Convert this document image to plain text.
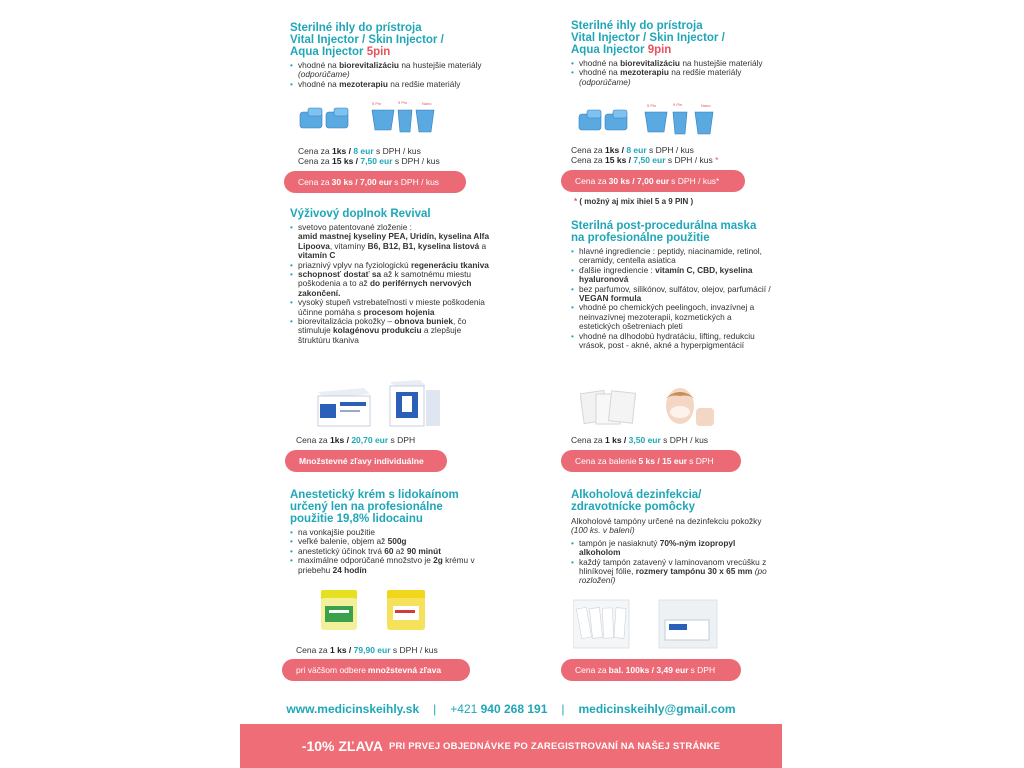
Sterilné ihly do prístroja
Vital Injector / Skin Injector /
Aqua Injector 5pin
• vhodné na biorevitalizáciu na hustejšie materiály (odporúčame)
• vhodné na mezoterapiu na redšie materiály
5 Pin	9 Pin	Nano
Cena za 1ks / 8 eur s DPH / kus
Cena za 15 ks / 7,50 eur s DPH / kus
Cena za 30 ks / 7,00 eur s DPH / kus
Sterilné ihly do prístroja
Vital Injector / Skin Injector /
Aqua Injector 9pin
• vhodné na biorevitalizáciu na hustejšie materiály
• vhodné na mezoterapiu na redšie materiály (odporúčame)
5 Pin	9 Pin	Nano
Cena za 1ks / 8 eur s DPH / kus
Cena za 15 ks / 7,50 eur s DPH / kus *
Cena za 30 ks / 7,00 eur s DPH / kus *
* ( možný aj mix ihiel 5 a 9 PIN )
Výživový doplnok Revival
• svetovo patentované zloženie :
amid mastnej kyseliny PEA, Uridín, kyselina Alfa Lipoova, vitamíny B6, B12, B1, kyselina listová a vitamín C
• priaznivý vplyv na fyziologickú regeneráciu tkaniva
• schopnosť dostať sa až k samotnému miestu poškodenia a to až do periférnych nervových zakončení.
• vysoký stupeň vstrebateľnosti v mieste poškodenia účinne pomáha s procesom hojenia
• biorevitalizácia pokožky – obnova buniek, čo stimuluje kolagénovu produkciu a zlepšuje štruktúru tkaniva
Cena za 1ks / 20,70 eur s DPH
Množstevné zľavy individuálne
Sterilná post-procedurálna maska
na profesionálne použitie
• hlavné ingrediencie : peptidy, niacinamide, retinol, ceramidy, centella asiatica
• ďalšie ingrediencie : vitamín C, CBD, kyselina hyaluronová
• bez parfumov, silikónov, sulfátov, olejov, parfumácií / VEGAN formula
• vhodné po chemických peelingoch, invazívnej a neinvazívnej mezoterapii, kozmetických a estetických ošetreniach pleti
• vhodné na dlhodobú hydratáciu, lifting, redukciu vrások, post - akné, akné a hyperpigmentácií
Cena za 1 ks / 3,50 eur s DPH / kus
Cena za balenie 5 ks / 15 eur s DPH
Anestetický krém s lidokaínom
určený len na profesionálne
použitie 19,8% lidocainu
• na vonkajšie použitie
• veľké balenie, objem až 500g
• anestetický účinok trvá 60 až 90 minút
• maximálne odporúčané množstvo je 2g krému v priebehu 24 hodín
Cena za 1 ks / 79,90 eur s DPH / kus
pri väčšom odbere množstevná zľava
Alkoholová dezinfekcia/
zdravotnícke pomôcky
Alkoholové tampóny určené na dezinfekciu pokožky (100 ks. v balení)
• tampón je nasiaknutý 70%-ným izopropyl alkoholom
• každý tampón zatavený v laminovanom vrecúšku z hliníkovej fólie, rozmery tampónu 30 x 65 mm (po rozložení)
Cena za bal. 100ks / 3,49 eur s DPH
www.medicinskeihly.sk | +421 940 268 191 | medicinskeihly@gmail.com
-10% ZĽAVA PRI PRVEJ OBJEDNÁVKE PO ZAREGISTROVANÍ NA NAŠEJ STRÁNKE
